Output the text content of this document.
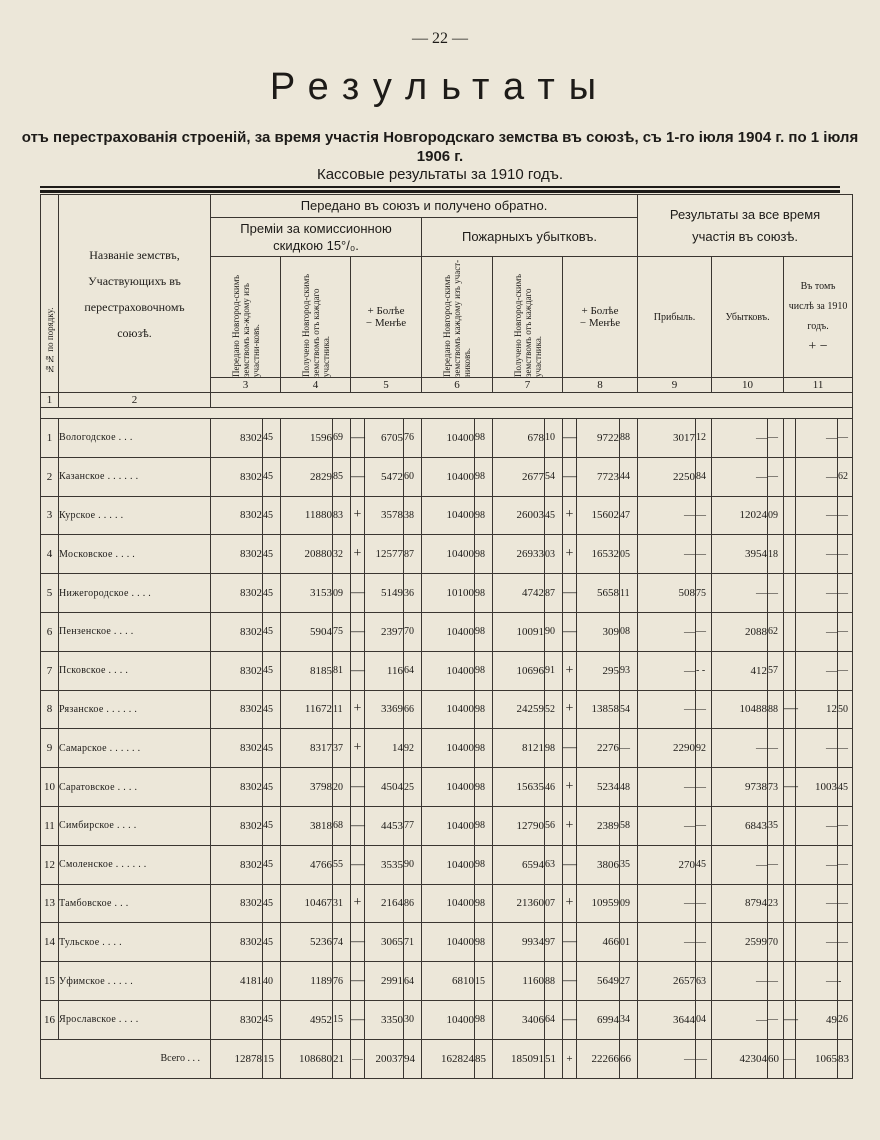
— 22 —
Результаты
отъ перестрахованія строеній, за время участія Новгородскаго земства въ союзѣ, съ 1-го іюля 1904 г. по 1 іюля 1906 г.
Кассовые результаты за 1910 годъ.
№№ по порядку.	Названіе земствъ, Участвующихъ въ перестраховочномъ союзѣ.	Передано въ союзъ и получено обратно.														Результаты за все время участія въ союзѣ.						
		Премiи за комиссионною скидкою 15°/₀.							Пожарныхъ убытковъ.													

		Передано Новгород-скимъ земствомъ ка-ждому изъ участни-ковъ.		Получено Новгород-скимъ земствомъ отъ каждаго участника.		+ Болѣе
− Менѣе			Передано Новгород-скимъ земствомъ каждому изъ участ-никовъ.		Получено Новгород-скимъ земствомъ отъ каждаго участника.		+ Болѣе
− Менѣе			Прибыль.		Убытковъ.		Въ томъ числѣ за 1910 годъ.
+ −		

		3		4		5			6		7		8			9		10		11		
1	2																					

1	Вологодское . . .	8302	45	1596	69	—	6705	76	10400	98	678	10	—	9722	88	3017	12	—	—		—	—
2	Казанское . . . . . .	8302	45	2829	85	—	5472	60	10400	98	2677	54	—	7723	44	2250	84	—	—		—	62
3	Курское . . . . .	8302	45	11880	83	+	3578	38	10400	98	26003	45	+	15602	47	—	—	12024	09		—	—
4	Московское . . . .	8302	45	20880	32	+	12577	87	10400	98	26933	03	+	16532	05	—	—	3954	18		—	—
5	Нижегородское . . . .	8302	45	3153	09	—	5149	36	10100	98	4742	87	—	5658	11	508	75	—	—		—	—
6	Пензенское . . . .	8302	45	5904	75	—	2397	70	10400	98	10091	90	—	309	08	—	—	2088	62		—	—
7	Псковское . . . .	8302	45	8185	81	—	116	64	10400	98	10696	91	+	295	93	—	- -	412	57		—	—
8	Рязанское . . . . . .	8302	45	11672	11	+	3369	66	10400	98	24259	52	+	13858	54	—	—	10488	88	—	12	50
9	Самарское . . . . . .	8302	45	8317	37	+	14	92	10400	98	8121	98	—	2276	—	2290	92	—	—		—	—
10	Саратовское . . . .	8302	45	3798	20	—	4504	25	10400	98	15635	46	+	5234	48	—	—	9738	73	—	1003	45
11	Симбирское . . . .	8302	45	3818	68	—	4453	77	10400	98	12790	56	+	2389	58	—	—	6843	35		—	—
12	Смоленское . . . . . .	8302	45	4766	55	—	3535	90	10400	98	6594	63	—	3806	35	270	45	—	—		—	—
13	Тамбовское . . .	8302	45	10467	31	+	2164	86	10400	98	21360	07	+	10959	09	—	—	8794	23		—	—
14	Тульское . . . .	8302	45	5236	74	—	3065	71	10400	98	9934	97	—	466	01	—	—	2599	70		—	—
15	Уфимское . . . . .	4181	40	1189	76	—	2991	64	6810	15	1160	88	—	5649	27	2657	63	—	—		—	-
16	Ярославское . . . .	8302	45	4952	15	—	3350	30	10400	98	3406	64	—	6994	34	3644	04	—	—	—	49	26
Всего . . .		12878	15	108680	21	—	20037	94	162824	85	185091	51	+	22266	66	—	—	42304	60	—	1065	83
